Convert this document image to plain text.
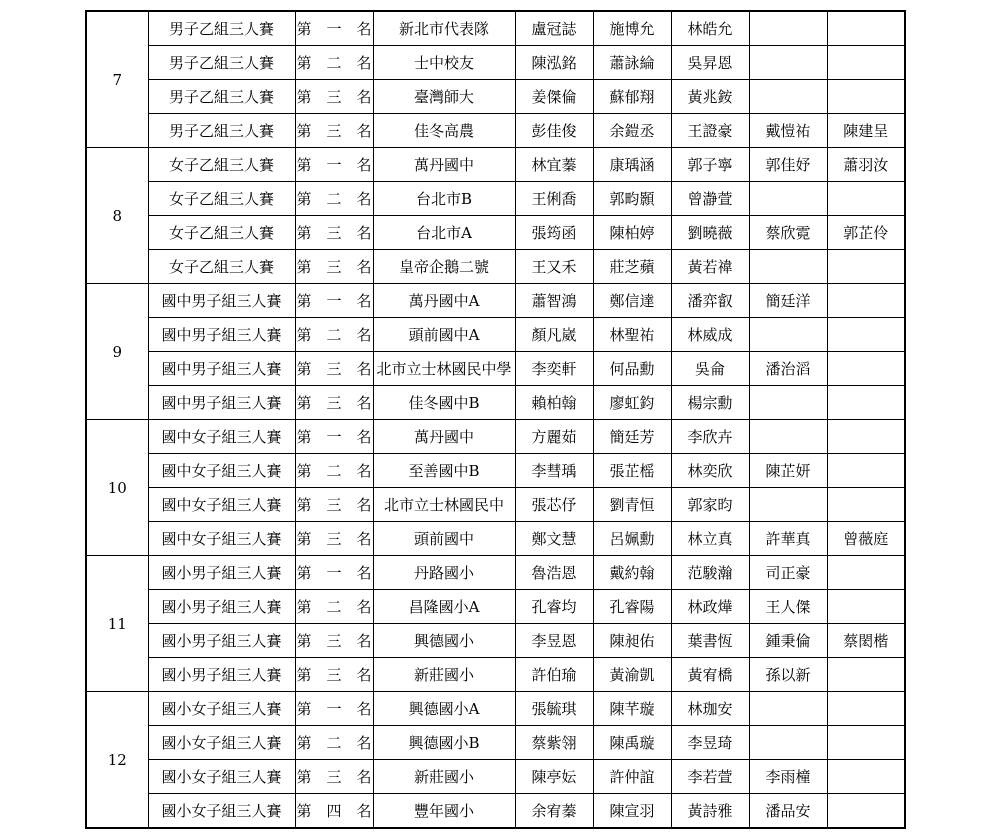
7	男子乙組三人賽	第　一　名	新北市代表隊	盧冠誌	施博允	林皓允		
	男子乙組三人賽	第　二　名	士中校友	陳泓銘	蕭詠綸	吳昇恩		
	男子乙組三人賽	第　三　名	臺灣師大	姜傑倫	蘇郁翔	黃兆銨		
	男子乙組三人賽	第　三　名	佳冬高農	彭佳俊	余鎧丞	王證豪	戴愷祐	陳建呈
8	女子乙組三人賽	第　一　名	萬丹國中	林宜蓁	康瑀涵	郭子寧	郭佳妤	蕭羽汝
	女子乙組三人賽	第　二　名	台北市B	王俐喬	郭畇顥	曾瀞萱		
	女子乙組三人賽	第　三　名	台北市A	張筠函	陳柏婷	劉曉薇	蔡欣霓	郭芷伶
	女子乙組三人賽	第　三　名	皇帝企鵝二號	王又禾	莊芝蘋	黃若禕		
9	國中男子組三人賽	第　一　名	萬丹國中A	蕭智鴻	鄭信達	潘弈叡	簡廷洋	
	國中男子組三人賽	第　二　名	頭前國中A	顏凡崴	林聖祐	林威成		
	國中男子組三人賽	第　三　名	北市立士林國民中學	李奕軒	何品勳	吳侖	潘治滔	
	國中男子組三人賽	第　三　名	佳冬國中B	賴柏翰	廖虹鈞	楊宗勳		
10	國中女子組三人賽	第　一　名	萬丹國中	方麗茹	簡廷芳	李欣卉		
	國中女子組三人賽	第　二　名	至善國中B	李彗瑀	張芷榣	林奕欣	陳芷妍	
	國中女子組三人賽	第　三　名	北市立士林國民中	張芯伃	劉青恒	郭家昀		
	國中女子組三人賽	第　三　名	頭前國中	鄭文慧	呂姵勳	林立真	許華真	曾薇庭
11	國小男子組三人賽	第　一　名	丹路國小	魯浩恩	戴約翰	范駿瀚	司正豪	
	國小男子組三人賽	第　二　名	昌隆國小A	孔睿均	孔睿陽	林政燁	王人傑	
	國小男子組三人賽	第　三　名	興德國小	李昱恩	陳昶佑	葉書恆	鍾秉倫	蔡閎楷
	國小男子組三人賽	第　三　名	新莊國小	許伯瑜	黃渝凱	黃宥橋	孫以新	
12	國小女子組三人賽	第　一　名	興德國小A	張毓琪	陳芊璇	林珈安		
	國小女子組三人賽	第　二　名	興德國小B	蔡紫翎	陳禹璇	李昱琦		
	國小女子組三人賽	第　三　名	新莊國小	陳亭妘	許仲誼	李若萱	李雨橦	
	國小女子組三人賽	第　四　名	豐年國小	余宥蓁	陳宣羽	黃詩雅	潘品安	
